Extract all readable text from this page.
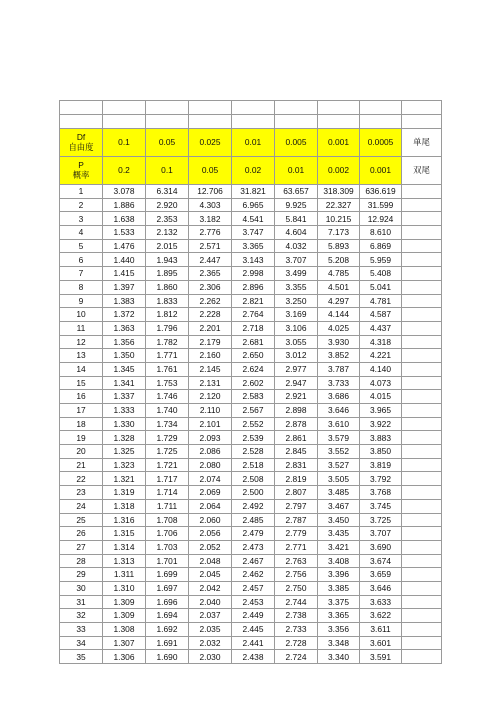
Df
自由度	0.1	0.05	0.025	0.01	0.005	0.001	0.0005	单尾

P
概率	0.2	0.1	0.05	0.02	0.01	0.002	0.001	双尾
1	3.078	6.314	12.706	31.821	63.657	318.309	636.619	
2	1.886	2.920	4.303	6.965	9.925	22.327	31.599	
3	1.638	2.353	3.182	4.541	5.841	10.215	12.924	
4	1.533	2.132	2.776	3.747	4.604	7.173	8.610	
5	1.476	2.015	2.571	3.365	4.032	5.893	6.869	
6	1.440	1.943	2.447	3.143	3.707	5.208	5.959	
7	1.415	1.895	2.365	2.998	3.499	4.785	5.408	
8	1.397	1.860	2.306	2.896	3.355	4.501	5.041	
9	1.383	1.833	2.262	2.821	3.250	4.297	4.781	
10	1.372	1.812	2.228	2.764	3.169	4.144	4.587	
11	1.363	1.796	2.201	2.718	3.106	4.025	4.437	
12	1.356	1.782	2.179	2.681	3.055	3.930	4.318	
13	1.350	1.771	2.160	2.650	3.012	3.852	4.221	
14	1.345	1.761	2.145	2.624	2.977	3.787	4.140	
15	1.341	1.753	2.131	2.602	2.947	3.733	4.073	
16	1.337	1.746	2.120	2.583	2.921	3.686	4.015	
17	1.333	1.740	2.110	2.567	2.898	3.646	3.965	
18	1.330	1.734	2.101	2.552	2.878	3.610	3.922	
19	1.328	1.729	2.093	2.539	2.861	3.579	3.883	
20	1.325	1.725	2.086	2.528	2.845	3.552	3.850	
21	1.323	1.721	2.080	2.518	2.831	3.527	3.819	
22	1.321	1.717	2.074	2.508	2.819	3.505	3.792	
23	1.319	1.714	2.069	2.500	2.807	3.485	3.768	
24	1.318	1.711	2.064	2.492	2.797	3.467	3.745	
25	1.316	1.708	2.060	2.485	2.787	3.450	3.725	
26	1.315	1.706	2.056	2.479	2.779	3.435	3.707	
27	1.314	1.703	2.052	2.473	2.771	3.421	3.690	
28	1.313	1.701	2.048	2.467	2.763	3.408	3.674	
29	1.311	1.699	2.045	2.462	2.756	3.396	3.659	
30	1.310	1.697	2.042	2.457	2.750	3.385	3.646	
31	1.309	1.696	2.040	2.453	2.744	3.375	3.633	
32	1.309	1.694	2.037	2.449	2.738	3.365	3.622	
33	1.308	1.692	2.035	2.445	2.733	3.356	3.611	
34	1.307	1.691	2.032	2.441	2.728	3.348	3.601	
35	1.306	1.690	2.030	2.438	2.724	3.340	3.591	
